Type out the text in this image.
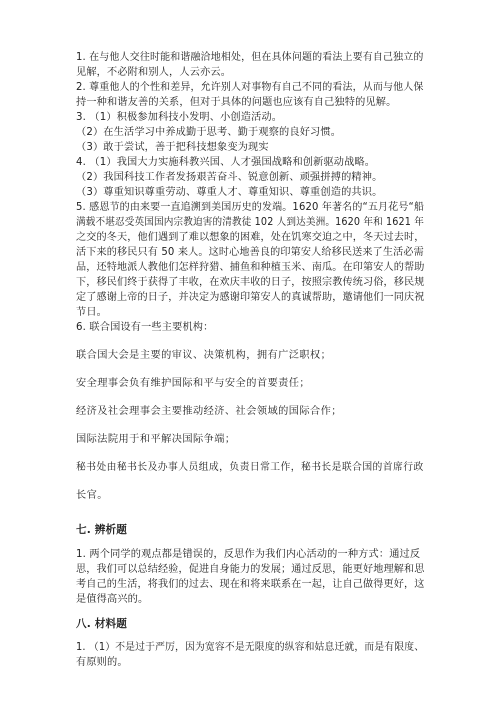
1. 在与他人交往时能和谐融洽地相处，但在具体问题的看法上要有自己独立的
见解，不必附和别人，人云亦云。
2. 尊重他人的个性和差异，允许别人对事物有自己不同的看法，从而与他人保
持一种和谐友善的关系，但对于具体的问题也应该有自己独特的见解。
3. （1）积极参加科技小发明、小创造活动。
（2）在生活学习中养成勤于思考、勤于观察的良好习惯。
（3）敢于尝试，善于把科技想象变为现实
4. （1）我国大力实施科教兴国、人才强国战略和创新驱动战略。
（2）我国科技工作者发扬艰苦奋斗、锐意创新、顽强拼搏的精神。
（3）尊重知识尊重劳动、尊重人才、尊重知识、尊重创造的共识。
5. 感恩节的由来要一直追溯到美国历史的发端。1620 年著名的“五月花号“船
满载不堪忍受英国国内宗教迫害的清教徒 102 人到达美洲。1620 年和 1621 年
之交的冬天，他们遇到了难以想象的困难，处在饥寒交迫之中，冬天过去时，
活下来的移民只有 50 来人。这时心地善良的印第安人给移民送来了生活必需
品，还特地派人教他们怎样狩猎、捕鱼和种植玉米、南瓜。在印第安人的帮助
下，移民们终于获得了丰收，在欢庆丰收的日子，按照宗教传统习俗，移民规
定了感谢上帝的日子，并决定为感谢印第安人的真诚帮助，邀请他们一同庆祝
节日。
6. 联合国设有一些主要机构：
联合国大会是主要的审议、决策机构，拥有广泛职权；
安全理事会负有维护国际和平与安全的首要责任；
经济及社会理事会主要推动经济、社会领域的国际合作；
国际法院用于和平解决国际争端；
秘书处由秘书长及办事人员组成，负责日常工作，秘书长是联合国的首席行政
长官。
七. 辨析题
1. 两个同学的观点都是错误的，反思作为我们内心活动的一种方式：通过反
思，我们可以总结经验，促进自身能力的发展；通过反思，能更好地理解和思
考自己的生活，将我们的过去、现在和将来联系在一起，让自己做得更好，这
是值得高兴的。
八. 材料题
1. （1）不是过于严厉，因为宽容不是无限度的纵容和姑息迁就，而是有限度、
有原则的。
